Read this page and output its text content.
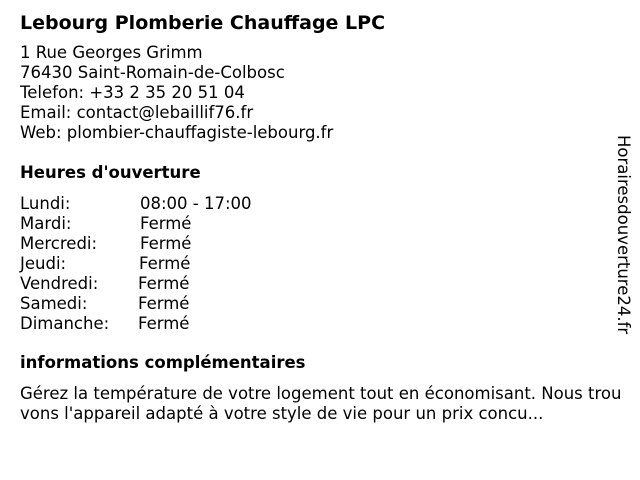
Lebourg Plomberie Chauffage LPC
1 Rue Georges Grimm
76430 Saint-Romain-de-Colbosc
Telefon: +33 2 35 20 51 04
Email: contact@lebaillif76.fr
Web: plombier-chauffagiste-lebourg.fr
Heures d'ouverture
Lundi:	08:00 - 17:00
Mardi:	Fermé
Mercredi:	Fermé
Jeudi:	Fermé
Vendredi: Fermé
Samedi:	Fermé
Dimanche: Fermé
informations complémentaires
Gérez la température de votre logement tout en économisant. Nous trouvons l'appareil adapté à votre style de vie pour un prix concu...
Horairesdouverture24.fr
